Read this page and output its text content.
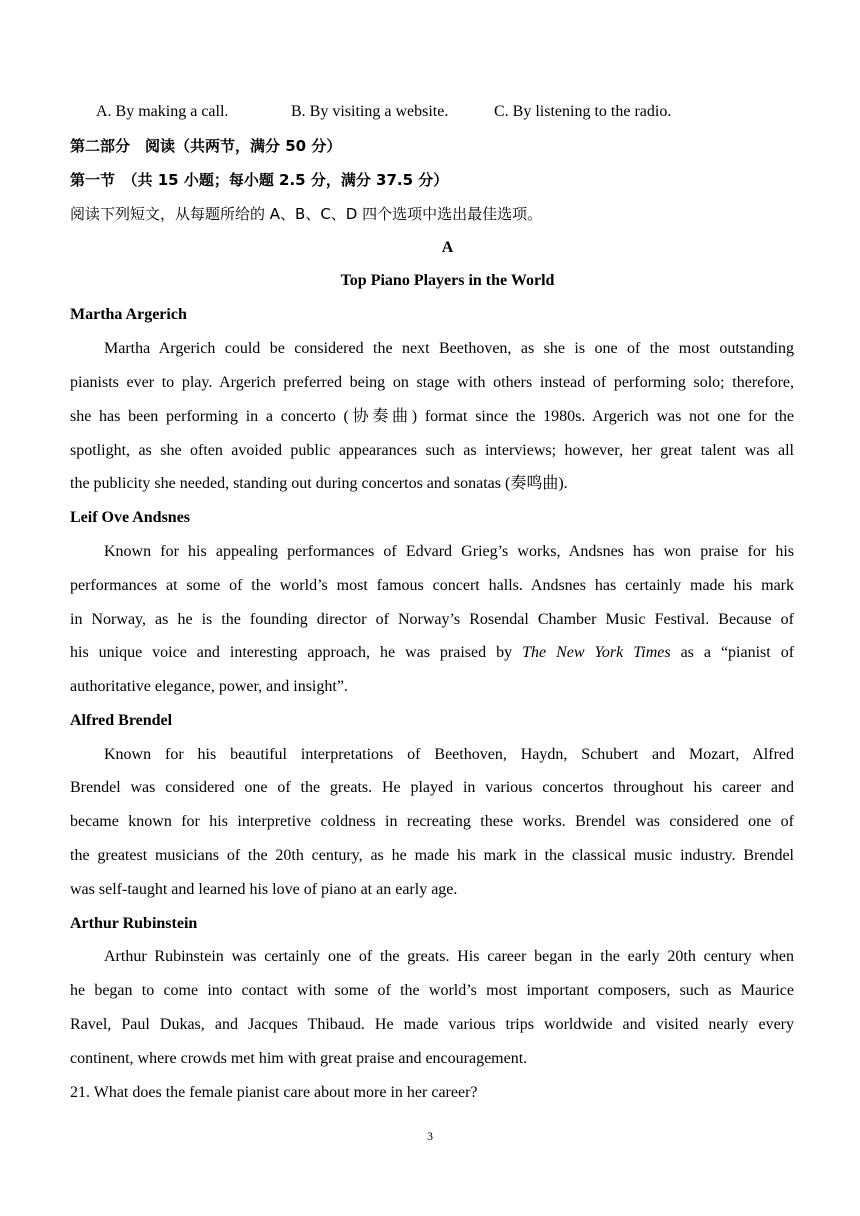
A. By making a call.	B. By visiting a website.	C. By listening to the radio.
第二部分　阅读（共两节，满分 50 分）
第一节　（共 15 小题；每小题 2.5 分，满分 37.5 分）
阅读下列短文，从每题所给的 A、B、C、D 四个选项中选出最佳选项。
A
Top Piano Players in the World
Martha Argerich
Martha Argerich could be considered the next Beethoven, as she is one of the most outstanding
pianists ever to play. Argerich preferred being on stage with others instead of performing solo; therefore,
she has been performing in a concerto (协奏曲) format since the 1980s. Argerich was not one for the
spotlight, as she often avoided public appearances such as interviews; however, her great talent was all
the publicity she needed, standing out during concertos and sonatas (奏鸣曲).
Leif Ove Andsnes
Known for his appealing performances of Edvard Grieg’s works, Andsnes has won praise for his
performances at some of the world’s most famous concert halls. Andsnes has certainly made his mark
in Norway, as he is the founding director of Norway’s Rosendal Chamber Music Festival. Because of
his unique voice and interesting approach, he was praised by The New York Times as a “pianist of
authoritative elegance, power, and insight”.
Alfred Brendel
Known for his beautiful interpretations of Beethoven, Haydn, Schubert and Mozart, Alfred
Brendel was considered one of the greats. He played in various concertos throughout his career and
became known for his interpretive coldness in recreating these works. Brendel was considered one of
the greatest musicians of the 20th century, as he made his mark in the classical music industry. Brendel
was self-taught and learned his love of piano at an early age.
Arthur Rubinstein
Arthur Rubinstein was certainly one of the greats. His career began in the early 20th century when
he began to come into contact with some of the world’s most important composers, such as Maurice
Ravel, Paul Dukas, and Jacques Thibaud. He made various trips worldwide and visited nearly every
continent, where crowds met him with great praise and encouragement.
21. What does the female pianist care about more in her career?
3
